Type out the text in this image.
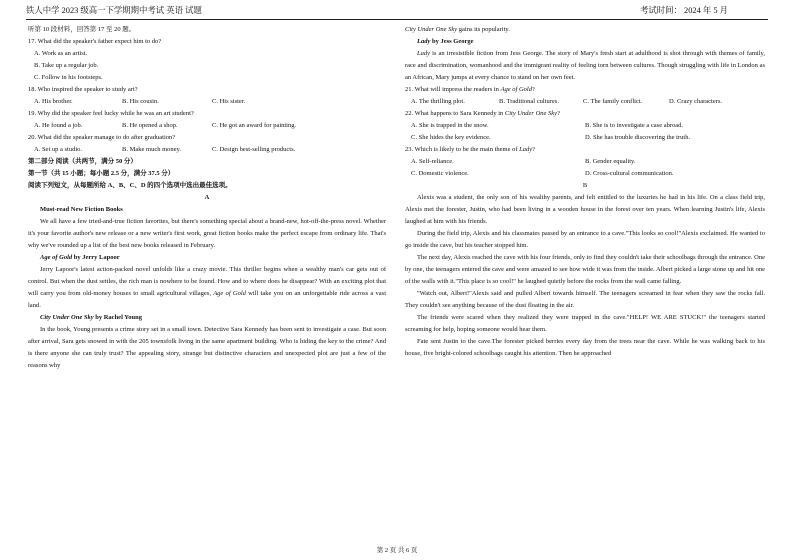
铁人中学 2023 级高一下学期期中考试 英语 试题	考试时间： 2024 年 5 月

听第 10 段材料，回答第 17 至 20 题。

17. What did the speaker's father expect him to do?

A. Work as an artist.

B. Take up a regular job.

C. Follow in his footsteps.

18. Who inspired the speaker to study art?

A. His brother.	B. His cousin.	C. His sister.

19. Why did the speaker feel lucky while he was an art student?

A. He found a job.	B. He opened a shop.	C. He got an award for painting.

20. What did the speaker manage to do after graduation?

A. Set up a studio.	B. Make much money.	C. Design best-selling products.

第二部分 阅读（共两节，满分 50 分）

第一节（共 15 小题；每小题 2.5 分，满分 37.5 分）

阅读下列短文，从每题所给 A、B、C、D 的四个选项中选出最佳选项。

A

Must-read New Fiction Books

We all have a few tried-and-true fiction favorites, but there's something special about a brand-new, hot-off-the-press novel. Whether it's your favorite author's new release or a new writer's first work, great fiction books make the perfect escape from ordinary life. That's why we've rounded up a list of the best new books released in February.

Age of Gold by Jerry Lapoor

Jerry Lapoor's latest action-packed novel unfolds like a crazy movie. This thriller begins when a wealthy man's car gets out of control. But when the dust settles, the rich man is nowhere to be found. How and to where does he disappear? With an exciting plot that will carry you from old-money houses to small agricultural villages, Age of Gold will take you on an unforgettable ride across a vast land.

City Under One Sky by Rachel Young

In the book, Young presents a crime story set in a small town. Detective Sara Kennedy has been sent to investigate a case. But soon after arrival, Sara gets snowed in with the 205 townsfolk living in the same apartment building. Who is hiding the key to the crime? And is there anyone she can truly trust? The appealing story, strange but distinctive characters and unexpected plot are just a few of the reasons why

City Under One Sky gains its popularity.

Lady by Jess George

Lady is an irresistible fiction from Jess George. The story of Mary's fresh start at adulthood is shot through with themes of family, race and discrimination, womanhood and the immigrant reality of feeling torn between cultures. Though struggling with life in London as an African, Mary jumps at every chance to stand on her own feet.

21. What will impress the readers in Age of Gold?

A. The thrilling plot.	B. Traditional cultures.	C. The family conflict.	D. Crazy characters.

22. What happens to Sara Kennedy in City Under One Sky?

A. She is trapped in the snow.	B. She is to investigate a case abroad.
C. She hides the key evidence.	D. She has trouble discovering the truth.

23. Which is likely to be the main theme of Lady?

A. Self-reliance.	B. Gender equality.
C. Domestic violence.	D. Cross-cultural communication.

B

Alexis was a student, the only son of his wealthy parents, and felt entitled to the luxuries he had in his life. On a class field trip, Alexis met the forester, Justin, who had been living in a wooden house in the forest over ten years. When learning Justin's life, Alexis laughed at him with his friends.

During the field trip, Alexis and his classmates passed by an entrance to a cave."This looks so cool!"Alexis exclaimed. He wanted to go inside the cave, but his teacher stopped him.

The next day, Alexis reached the cave with his four friends, only to find they couldn't take their schoolbags through the entrance. One by one, the teenagers entered the cave and were amazed to see how wide it was from the inside. Albert picked a large stone up and hit one of the walls with it."This place is so cool!" he laughed quietly before the rocks from the wall came falling.

"Watch out, Albert!"Alexis said and pulled Albert towards himself. The teenagers screamed in fear when they saw the rocks fall. They couldn't see anything because of the dust floating in the air.

The friends were scared when they realized they were trapped in the cave."HELP! WE ARE STUCK!" the teenagers started screaming for help, hoping someone would hear them.

Fate sent Justin to the cave.The forester picked berries every day from the trees near the cave. While he was walking back to his house, five bright-colored schoolbags caught his attention. Then he approached

第 2 页 共 6 页
